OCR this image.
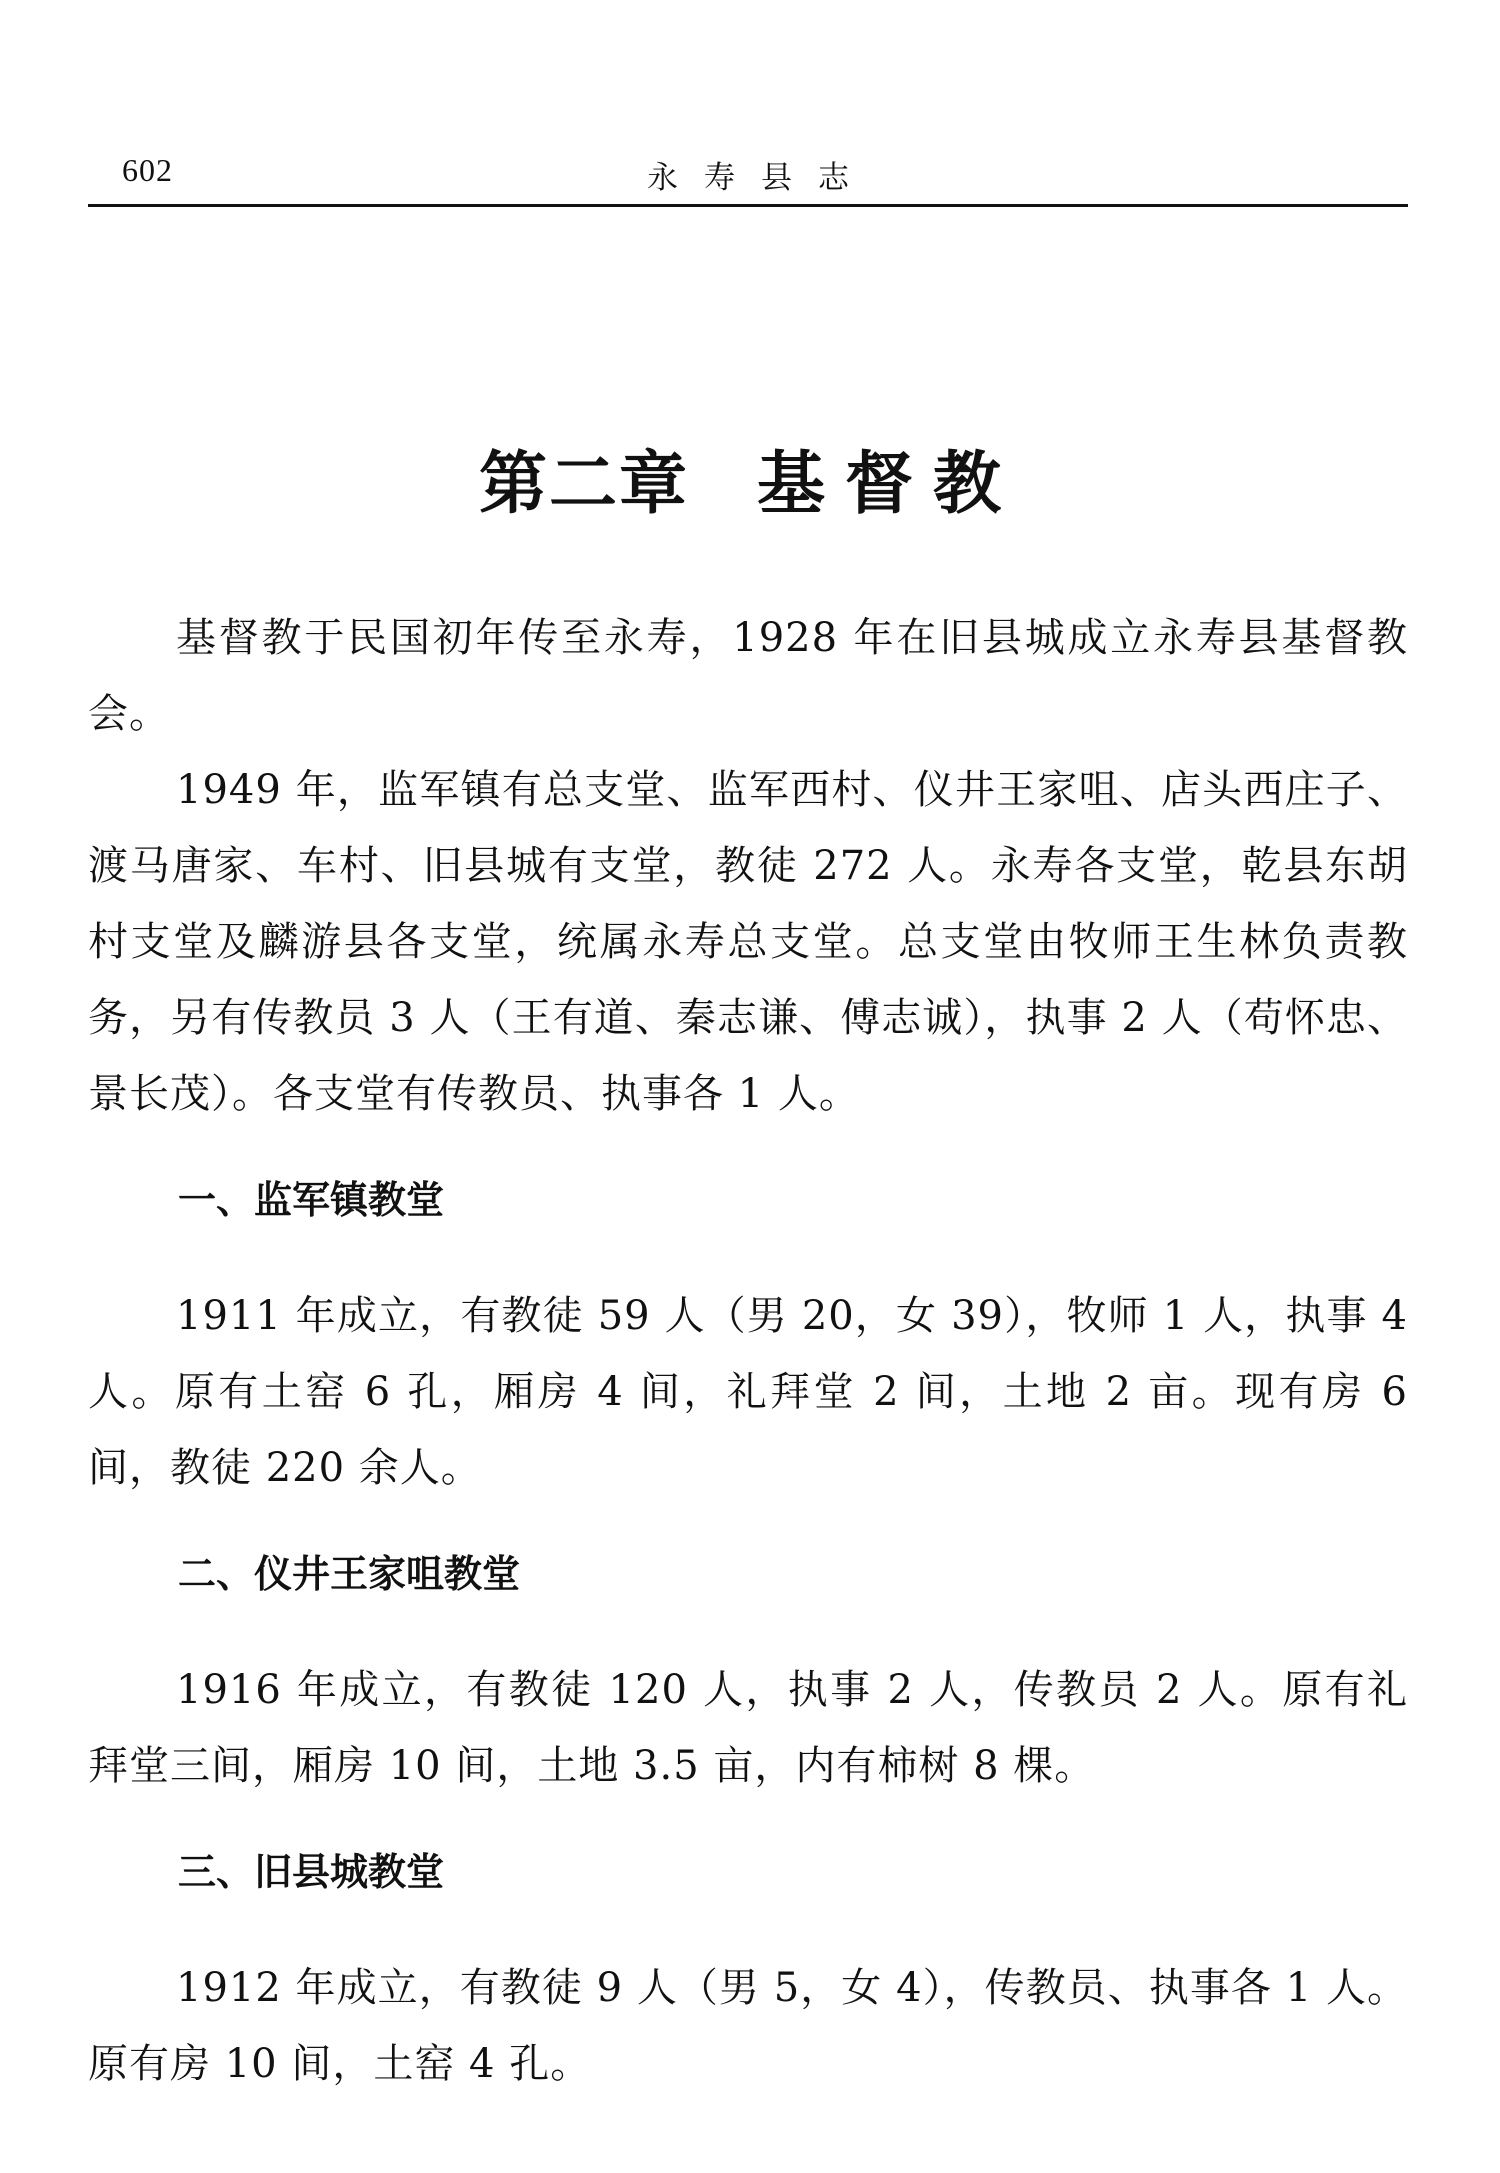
602	永寿县志
第二章 基督教

基督教于民国初年传至永寿，1928 年在旧县城成立永寿县基督教会。

1949 年，监军镇有总支堂、监军西村、仪井王家咀、店头西庄子、渡马唐家、车村、旧县城有支堂，教徒 272 人。永寿各支堂，乾县东胡村支堂及麟游县各支堂，统属永寿总支堂。总支堂由牧师王生林负责教务，另有传教员 3 人（王有道、秦志谦、傅志诚），执事 2 人（苟怀忠、景长茂）。各支堂有传教员、执事各 1 人。

一、监军镇教堂

1911 年成立，有教徒 59 人（男 20，女 39），牧师 1 人，执事 4 人。原有土窑 6 孔，厢房 4 间，礼拜堂 2 间，土地 2 亩。现有房 6 间，教徒 220 余人。

二、仪井王家咀教堂

1916 年成立，有教徒 120 人，执事 2 人，传教员 2 人。原有礼拜堂三间，厢房 10 间，土地 3.5 亩，内有柿树 8 棵。

三、旧县城教堂

1912 年成立，有教徒 9 人（男 5，女 4），传教员、执事各 1 人。原有房 10 间，土窑 4 孔。
